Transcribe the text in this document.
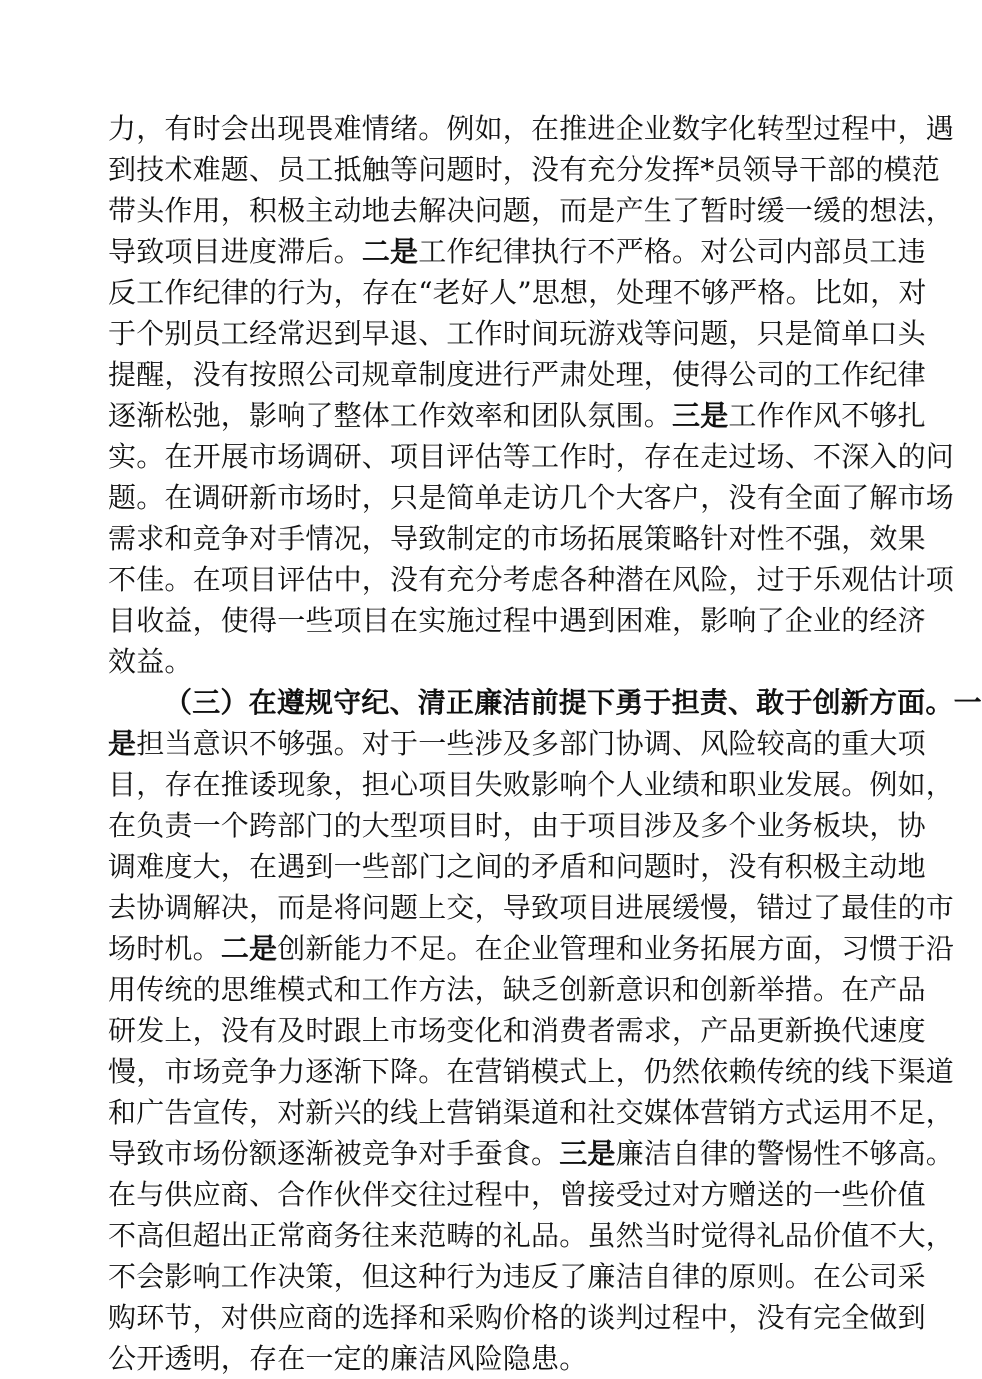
力，有时会出现畏难情绪。例如，在推进企业数字化转型过程中，遇
到技术难题、员工抵触等问题时，没有充分发挥*员领导干部的模范
带头作用，积极主动地去解决问题，而是产生了暂时缓一缓的想法，
导致项目进度滞后。二是工作纪律执行不严格。对公司内部员工违
反工作纪律的行为，存在“老好人”思想，处理不够严格。比如，对
于个别员工经常迟到早退、工作时间玩游戏等问题，只是简单口头
提醒，没有按照公司规章制度进行严肃处理，使得公司的工作纪律
逐渐松弛，影响了整体工作效率和团队氛围。三是工作作风不够扎
实。在开展市场调研、项目评估等工作时，存在走过场、不深入的问
题。在调研新市场时，只是简单走访几个大客户，没有全面了解市场
需求和竞争对手情况，导致制定的市场拓展策略针对性不强，效果
不佳。在项目评估中，没有充分考虑各种潜在风险，过于乐观估计项
目收益，使得一些项目在实施过程中遇到困难，影响了企业的经济
效益。
（三）在遵规守纪、清正廉洁前提下勇于担责、敢于创新方面。一
是担当意识不够强。对于一些涉及多部门协调、风险较高的重大项
目，存在推诿现象，担心项目失败影响个人业绩和职业发展。例如，
在负责一个跨部门的大型项目时，由于项目涉及多个业务板块，协
调难度大，在遇到一些部门之间的矛盾和问题时，没有积极主动地
去协调解决，而是将问题上交，导致项目进展缓慢，错过了最佳的市
场时机。二是创新能力不足。在企业管理和业务拓展方面，习惯于沿
用传统的思维模式和工作方法，缺乏创新意识和创新举措。在产品
研发上，没有及时跟上市场变化和消费者需求，产品更新换代速度
慢，市场竞争力逐渐下降。在营销模式上，仍然依赖传统的线下渠道
和广告宣传，对新兴的线上营销渠道和社交媒体营销方式运用不足，
导致市场份额逐渐被竞争对手蚕食。三是廉洁自律的警惕性不够高。
在与供应商、合作伙伴交往过程中，曾接受过对方赠送的一些价值
不高但超出正常商务往来范畴的礼品。虽然当时觉得礼品价值不大，
不会影响工作决策，但这种行为违反了廉洁自律的原则。在公司采
购环节，对供应商的选择和采购价格的谈判过程中，没有完全做到
公开透明，存在一定的廉洁风险隐患。
